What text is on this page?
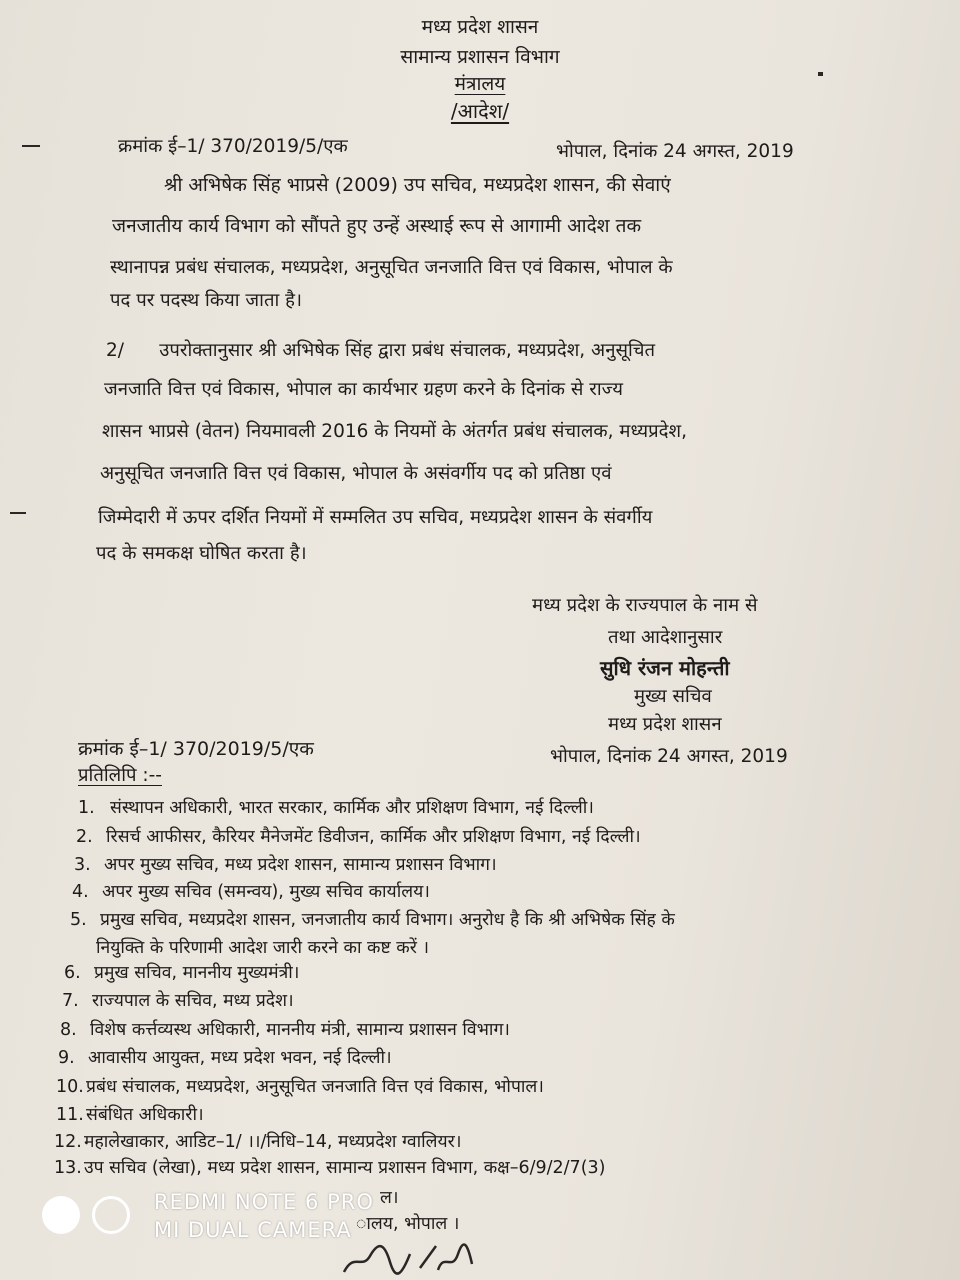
मध्य प्रदेश शासन
सामान्य प्रशासन विभाग
मंत्रालय
/आदेश/
क्रमांक ई–1/ 370/2019/5/एक	भोपाल, दिनांक 24 अगस्त, 2019
श्री अभिषेक सिंह भाप्रसे (2009) उप सचिव, मध्यप्रदेश शासन, की सेवाएं
जनजातीय कार्य विभाग को सौंपते हुए उन्हें अस्थाई रूप से आगामी आदेश तक
स्थानापन्न प्रबंध संचालक, मध्यप्रदेश, अनुसूचित जनजाति वित्त एवं विकास, भोपाल के
पद पर पदस्थ किया जाता है।
2/      उपरोक्तानुसार श्री अभिषेक सिंह द्वारा प्रबंध संचालक, मध्यप्रदेश, अनुसूचित
जनजाति वित्त एवं विकास, भोपाल का कार्यभार ग्रहण करने के दिनांक से राज्य
शासन भाप्रसे (वेतन) नियमावली 2016 के नियमों के अंतर्गत प्रबंध संचालक, मध्यप्रदेश,
अनुसूचित जनजाति वित्त एवं विकास, भोपाल के असंवर्गीय पद को प्रतिष्ठा एवं
जिम्मेदारी में ऊपर दर्शित नियमों में सम्मलित उप सचिव, मध्यप्रदेश शासन के संवर्गीय
पद के समकक्ष घोषित करता है।
मध्य प्रदेश के राज्यपाल के नाम से
तथा आदेशानुसार
सुधि रंजन मोहन्ती
मुख्य सचिव
मध्य प्रदेश शासन
क्रमांक ई–1/ 370/2019/5/एक	भोपाल, दिनांक 24 अगस्त, 2019
प्रतिलिपि :--
1. संस्थापन अधिकारी, भारत सरकार, कार्मिक और प्रशिक्षण विभाग, नई दिल्ली।
2. रिसर्च आफीसर, कैरियर मैनेजमेंट डिवीजन, कार्मिक और प्रशिक्षण विभाग, नई दिल्ली।
3. अपर मुख्य सचिव, मध्य प्रदेश शासन, सामान्य प्रशासन विभाग।
4. अपर मुख्य सचिव (समन्वय), मुख्य सचिव कार्यालय।
5. प्रमुख सचिव, मध्यप्रदेश शासन, जनजातीय कार्य विभाग। अनुरोध है कि श्री अभिषेक सिंह के
नियुक्ति के परिणामी आदेश जारी करने का कष्ट करें ।
6. प्रमुख सचिव, माननीय मुख्यमंत्री।
7. राज्यपाल के सचिव, मध्य प्रदेश।
8. विशेष कर्त्तव्यस्थ अधिकारी, माननीय मंत्री, सामान्य प्रशासन विभाग।
9. आवासीय आयुक्त, मध्य प्रदेश भवन, नई दिल्ली।
10. प्रबंध संचालक, मध्यप्रदेश, अनुसूचित जनजाति वित्त एवं विकास, भोपाल।
11. संबंधित अधिकारी।
12. महालेखाकार, आडिट–1/ ।।/निधि–14, मध्यप्रदेश ग्वालियर।
13. उप सचिव (लेखा), मध्य प्रदेश शासन, सामान्य प्रशासन विभाग, कक्ष–6/9/2/7(3)
ल।
ालय, भोपाल ।
REDMI NOTE 6 PRO
MI DUAL CAMERA
